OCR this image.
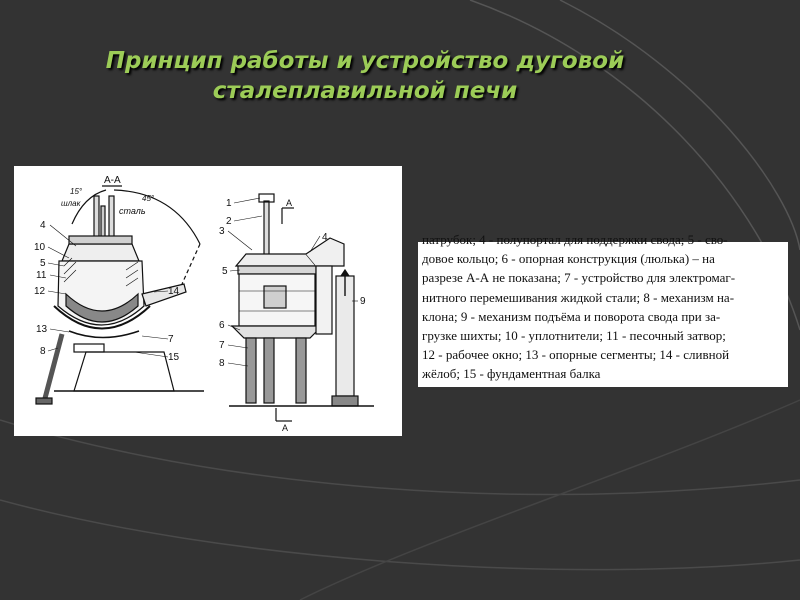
Принцип работы и устройство дуговой
сталеплавильной печи
А-А
15°
шлак
45°
сталь
4
10
5
11
12
13
8
14
7
15
А
А
1
2
3
5
4
6
7
8
9

патрубок; 4 - полупортал для поддержки свода; 5 - сво-
довое кольцо; 6 - опорная конструкция (люлька) – на
разрезе А-А не показана; 7 - устройство для электромаг-
нитного перемешивания жидкой стали; 8 - механизм на-
клона; 9 - механизм подъёма и поворота свода при за-
грузке шихты; 10 - уплотнители; 11 - песочный затвор;
12 - рабочее окно; 13 - опорные сегменты; 14 - сливной
жёлоб; 15 - фундаментная балка
